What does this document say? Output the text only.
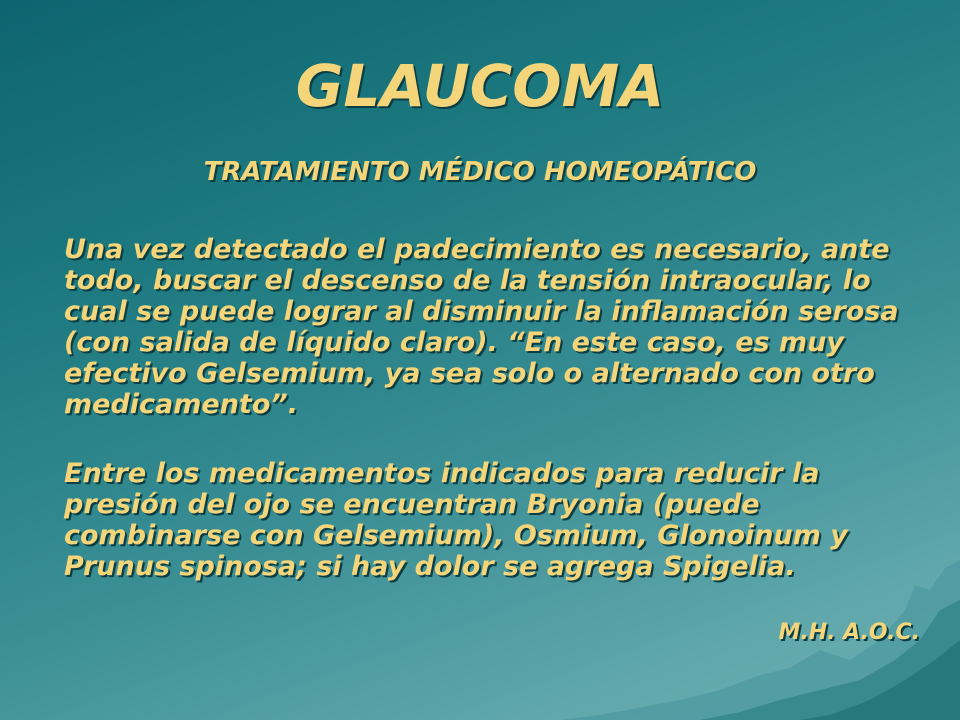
GLAUCOMA
TRATAMIENTO MÉDICO HOMEOPÁTICO

Una vez detectado el padecimiento es necesario, ante todo, buscar el descenso de la tensión intraocular, lo cual se puede lograr al disminuir la inflamación serosa (con salida de líquido claro). “En este caso, es muy efectivo Gelsemium, ya sea solo o alternado con otro medicamento”.

Entre los medicamentos indicados para reducir la presión del ojo se encuentran Bryonia (puede combinarse con Gelsemium), Osmium, Glonoinum y Prunus spinosa; si hay dolor se agrega Spigelia.

M.H. A.O.C.
